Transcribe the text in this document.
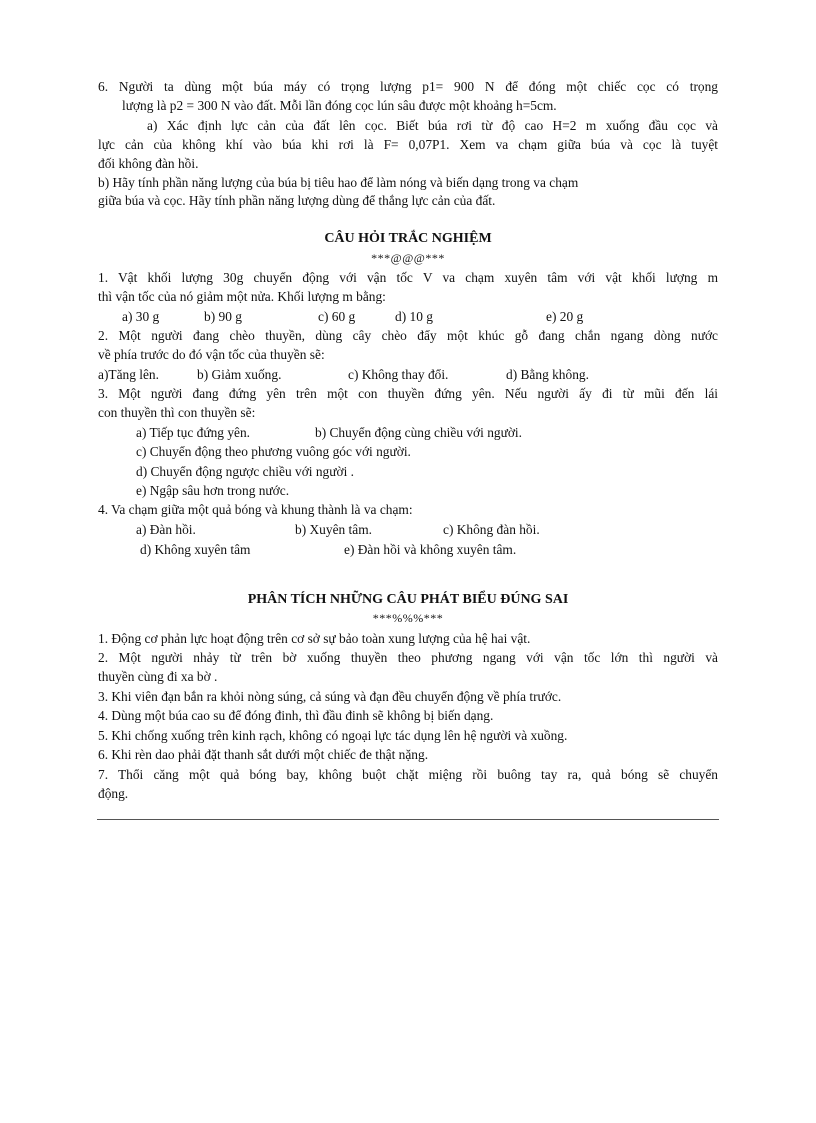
6. Người ta dùng một búa máy có trọng lượng p1= 900 N để đóng một chiếc cọc có trọng
lượng là p2 = 300 N vào đất. Mỗi lần đóng cọc lún sâu được một khoảng h=5cm.
a) Xác định lực cản của đất lên cọc. Biết búa rơi từ độ cao H=2 m xuống đầu cọc và
lực cản của không khí vào búa khi rơi là F= 0,07P1. Xem va chạm giữa búa và cọc là tuyệt
đối không đàn hồi.
b) Hãy tính phần năng lượng của búa bị tiêu hao để làm nóng và biến dạng trong va chạm
giữa búa và cọc. Hãy tính phần năng lượng dùng để thắng lực cản của đất.
CÂU HỎI TRẮC NGHIỆM
***@@@***
1. Vật khối lượng 30g chuyển động với vận tốc V va chạm xuyên tâm với vật khối lượng m
thì vận tốc của nó giảm một nửa. Khối lượng m bằng:
a) 30 g	b) 90 g	c) 60 g	d) 10 g	e) 20 g
2. Một người đang chèo thuyền, dùng cây chèo đẩy một khúc gỗ đang chắn ngang dòng nước
về phía trước do đó vận tốc của thuyền sẽ:
a)Tăng lên.	b) Giảm xuống.	c) Không thay đổi.	d) Bằng không.
3. Một người đang đứng yên trên một con thuyền đứng yên. Nếu người ấy đi từ mũi đến lái
con thuyền thì con thuyền sẽ:
a) Tiếp tục đứng yên.	b) Chuyển động cùng chiều với người.
c) Chuyển động theo phương vuông góc với người.
d) Chuyển động ngược chiều với người .
e) Ngập sâu hơn trong nước.
4. Va chạm giữa một quả bóng và khung thành là va chạm:
a) Đàn hồi.	b) Xuyên tâm.	c) Không đàn hồi.
d) Không xuyên tâm	e) Đàn hồi và không xuyên tâm.
PHÂN TÍCH NHỮNG CÂU PHÁT BIỂU ĐÚNG SAI
***%%%***
1. Động cơ phản lực hoạt động trên cơ sở sự bảo toàn xung lượng của hệ hai vật.
2. Một người nhảy từ trên bờ xuống thuyền theo phương ngang với vận tốc lớn thì người và
thuyền cùng đi xa bờ .
3. Khi viên đạn bắn ra khỏi nòng súng, cả súng và đạn đều chuyển động về phía trước.
4. Dùng một búa cao su để đóng đinh, thì đầu đinh sẽ không bị biến dạng.
5. Khi chống xuống trên kinh rạch, không có ngoại lực tác dụng lên hệ người và xuồng.
6. Khi rèn dao phải đặt thanh sắt dưới một chiếc đe thật nặng.
7. Thổi căng một quả bóng bay, không buột chặt miệng rồi buông tay ra, quả bóng sẽ chuyển
động.
